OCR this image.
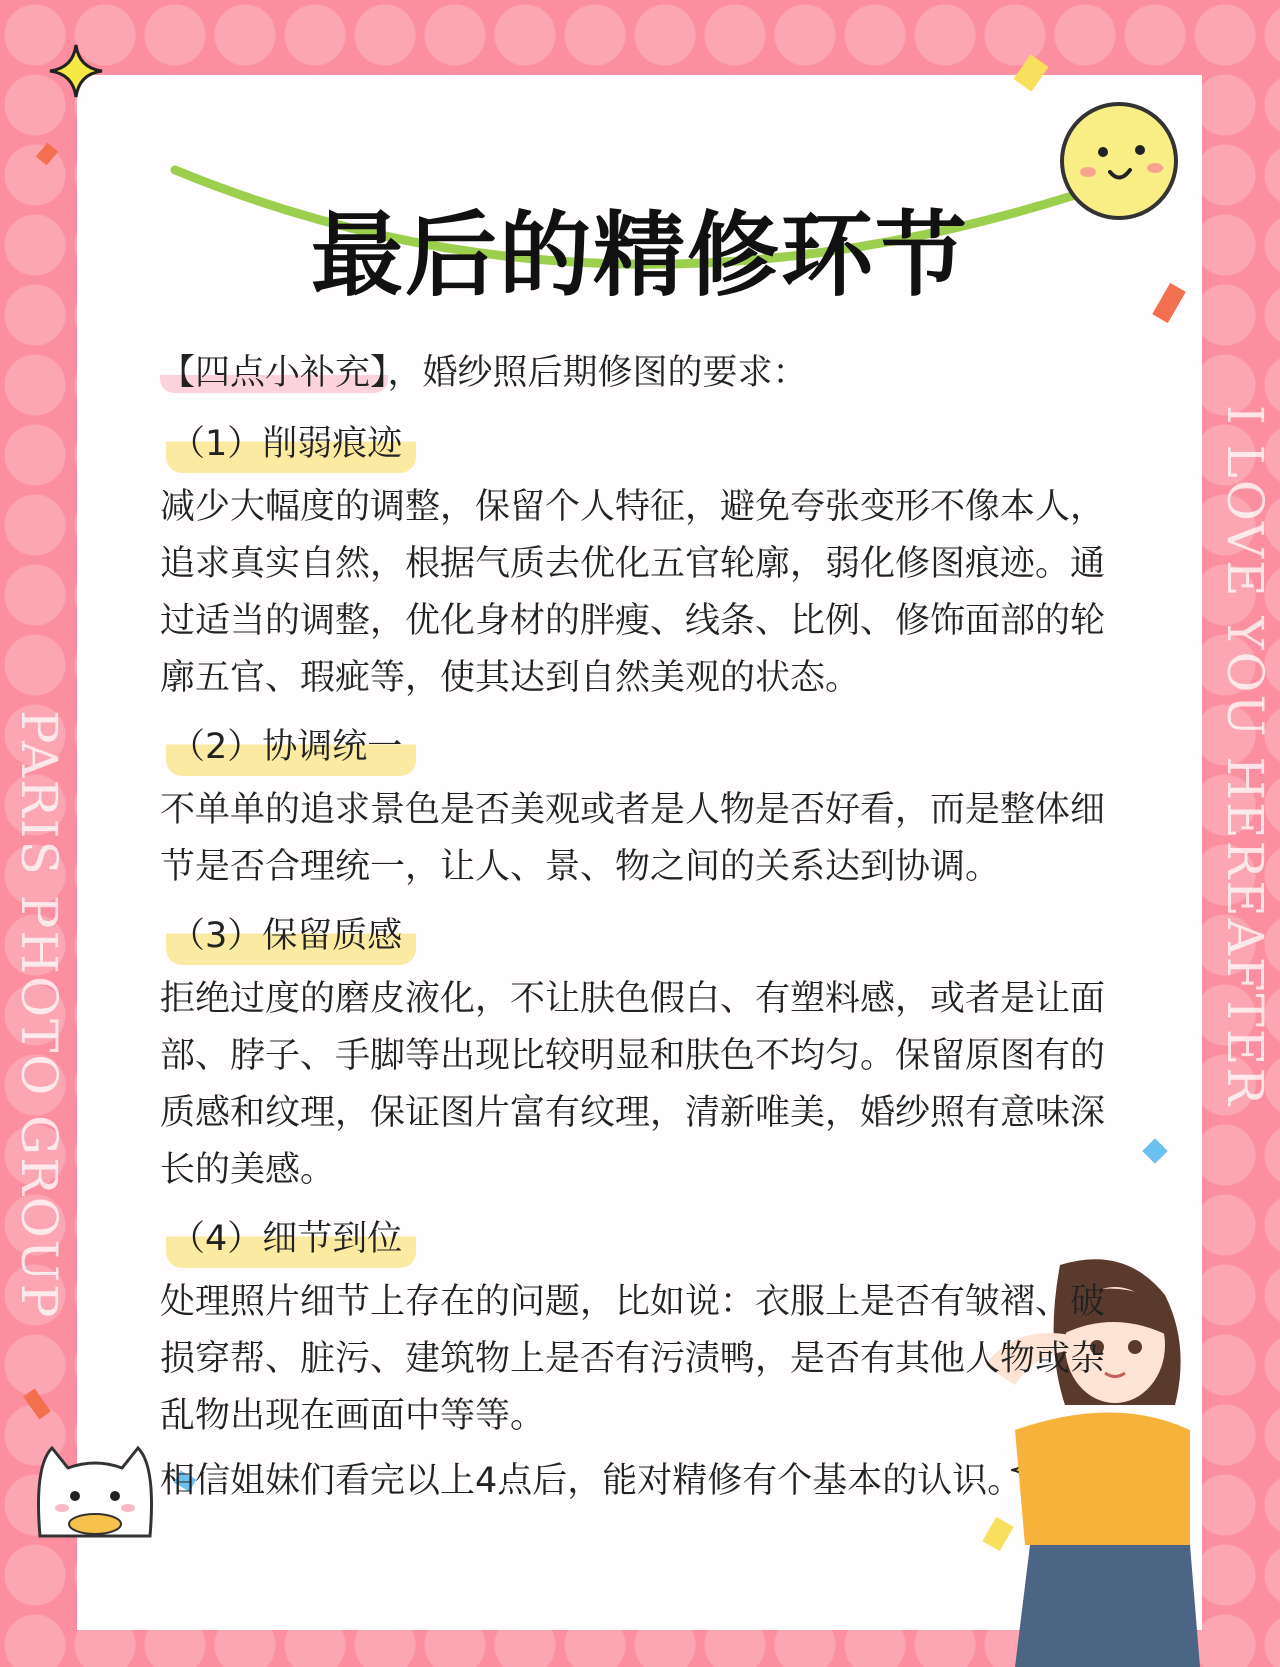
PARIS PHOTO GROUP	I LOVE YOU HEREAFTER
最后的精修环节

【四点小补充】，婚纱照后期修图的要求：

（1）削弱痕迹

减少大幅度的调整，保留个人特征，避免夸张变形不像本人，追求真实自然，根据气质去优化五官轮廓，弱化修图痕迹。通过适当的调整，优化身材的胖瘦、线条、比例、修饰面部的轮廓五官、瑕疵等，使其达到自然美观的状态。

（2）协调统一

不单单的追求景色是否美观或者是人物是否好看，而是整体细节是否合理统一，让人、景、物之间的关系达到协调。

（3）保留质感

拒绝过度的磨皮液化，不让肤色假白、有塑料感，或者是让面部、脖子、手脚等出现比较明显和肤色不均匀。保留原图有的质感和纹理，保证图片富有纹理，清新唯美，婚纱照有意味深长的美感。

（4）细节到位

处理照片细节上存在的问题，比如说：衣服上是否有皱褶、破损穿帮、脏污、建筑物上是否有污渍鸭，是否有其他人物或杂乱物出现在画面中等等。

相信姐妹们看完以上4点后，能对精修有个基本的认识。
